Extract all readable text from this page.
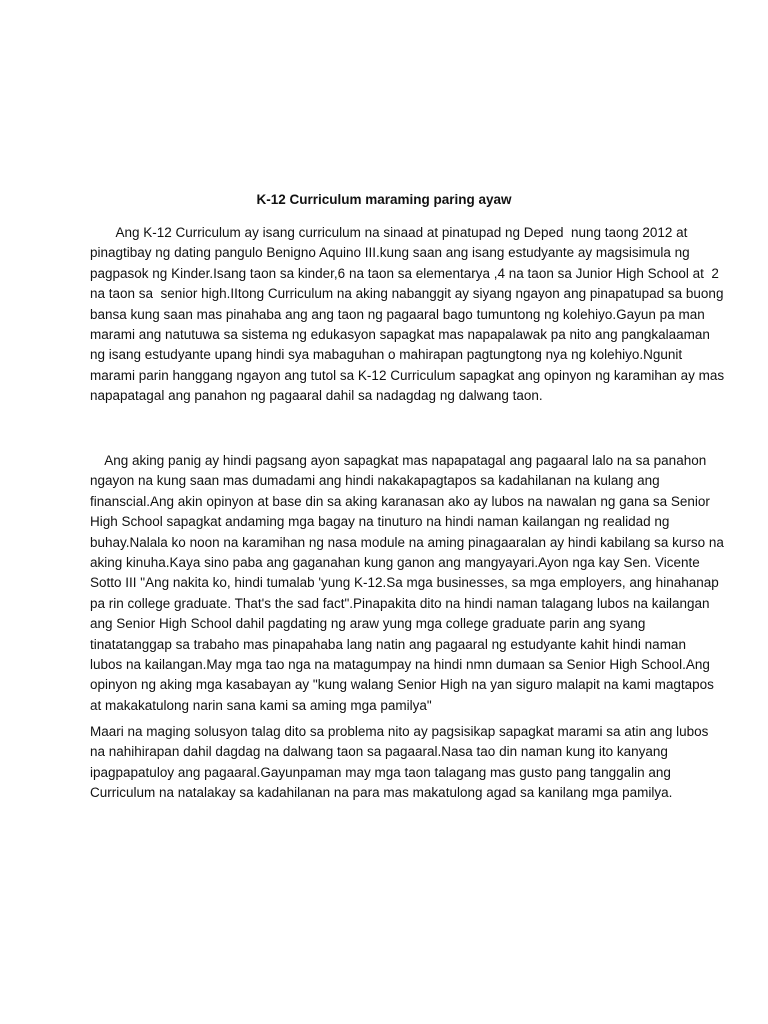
K-12 Curriculum maraming paring ayaw

Ang K-12 Curriculum ay isang curriculum na sinaad at pinatupad ng Deped  nung taong 2012 at
pinagtibay ng dating pangulo Benigno Aquino III.kung saan ang isang estudyante ay magsisimula ng
pagpasok ng Kinder.Isang taon sa kinder,6 na taon sa elementarya ,4 na taon sa Junior High School at  2
na taon sa  senior high.IItong Curriculum na aking nabanggit ay siyang ngayon ang pinapatupad sa buong
bansa kung saan mas pinahaba ang ang taon ng pagaaral bago tumuntong ng kolehiyo.Gayun pa man
marami ang natutuwa sa sistema ng edukasyon sapagkat mas napapalawak pa nito ang pangkalaaman
ng isang estudyante upang hindi sya mabaguhan o mahirapan pagtungtong nya ng kolehiyo.Ngunit
marami parin hanggang ngayon ang tutol sa K-12 Curriculum sapagkat ang opinyon ng karamihan ay mas
napapatagal ang panahon ng pagaaral dahil sa nadagdag ng dalwang taon.

Ang aking panig ay hindi pagsang ayon sapagkat mas napapatagal ang pagaaral lalo na sa panahon
ngayon na kung saan mas dumadami ang hindi nakakapagtapos sa kadahilanan na kulang ang
finanscial.Ang akin opinyon at base din sa aking karanasan ako ay lubos na nawalan ng gana sa Senior
High School sapagkat andaming mga bagay na tinuturo na hindi naman kailangan ng realidad ng
buhay.Nalala ko noon na karamihan ng nasa module na aming pinagaaralan ay hindi kabilang sa kurso na
aking kinuha.Kaya sino paba ang gaganahan kung ganon ang mangyayari.Ayon nga kay Sen. Vicente
Sotto III "Ang nakita ko, hindi tumalab 'yung K-12.Sa mga businesses, sa mga employers, ang hinahanap
pa rin college graduate. That's the sad fact".Pinapakita dito na hindi naman talagang lubos na kailangan
ang Senior High School dahil pagdating ng araw yung mga college graduate parin ang syang
tinatatanggap sa trabaho mas pinapahaba lang natin ang pagaaral ng estudyante kahit hindi naman
lubos na kailangan.May mga tao nga na matagumpay na hindi nmn dumaan sa Senior High School.Ang
opinyon ng aking mga kasabayan ay "kung walang Senior High na yan siguro malapit na kami magtapos
at makakatulong narin sana kami sa aming mga pamilya"

Maari na maging solusyon talag dito sa problema nito ay pagsisikap sapagkat marami sa atin ang lubos
na nahihirapan dahil dagdag na dalwang taon sa pagaaral.Nasa tao din naman kung ito kanyang
ipagpapatuloy ang pagaaral.Gayunpaman may mga taon talagang mas gusto pang tanggalin ang
Curriculum na natalakay sa kadahilanan na para mas makatulong agad sa kanilang mga pamilya.
